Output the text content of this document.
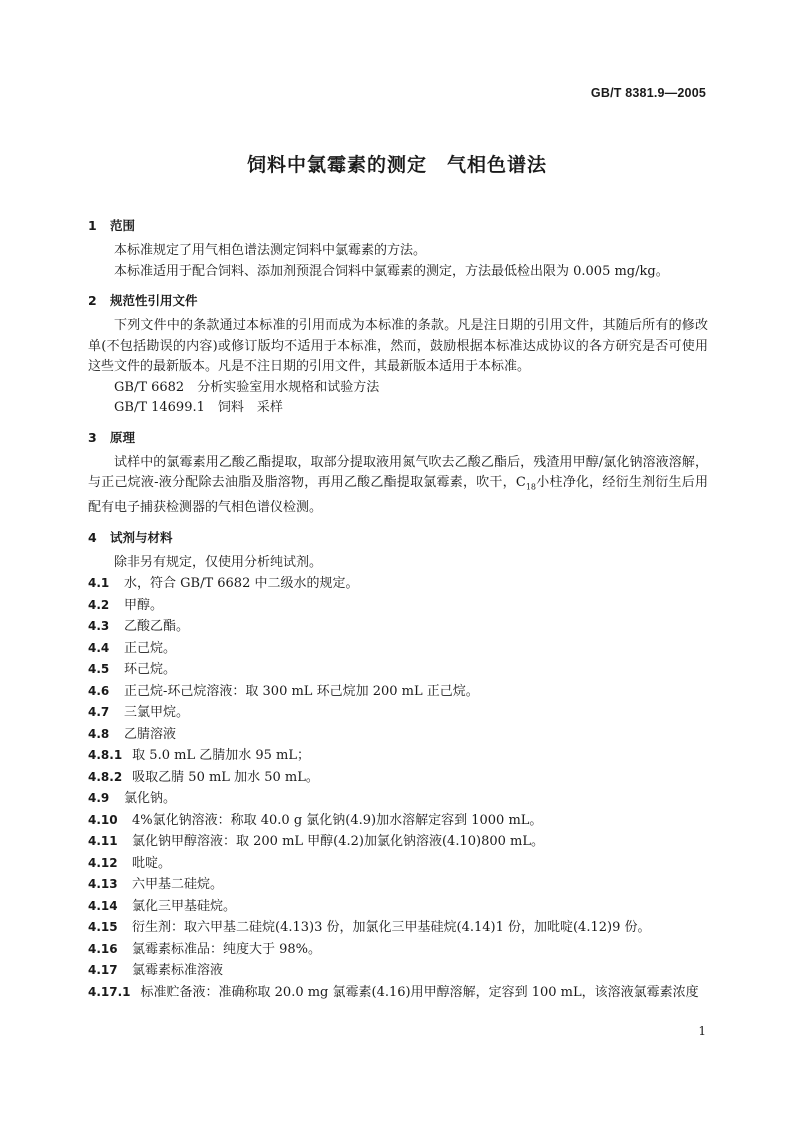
GB/T 8381.9—2005
饲料中氯霉素的测定　气相色谱法
1 范围
本标准规定了用气相色谱法测定饲料中氯霉素的方法。
本标准适用于配合饲料、添加剂预混合饲料中氯霉素的测定，方法最低检出限为 0.005 mg/kg。
2 规范性引用文件
下列文件中的条款通过本标准的引用而成为本标准的条款。凡是注日期的引用文件，其随后所有的修改单(不包括勘误的内容)或修订版均不适用于本标准，然而，鼓励根据本标准达成协议的各方研究是否可使用这些文件的最新版本。凡是不注日期的引用文件，其最新版本适用于本标准。
GB/T 6682　分析实验室用水规格和试验方法
GB/T 14699.1　饲料　采样
3 原理
试样中的氯霉素用乙酸乙酯提取，取部分提取液用氮气吹去乙酸乙酯后，残渣用甲醇/氯化钠溶液溶解，与正己烷液-液分配除去油脂及脂溶物，再用乙酸乙酯提取氯霉素，吹干，$C_{18}$小柱净化，经衍生剂衍生后用配有电子捕获检测器的气相色谱仪检测。
4 试剂与材料
除非另有规定，仅使用分析纯试剂。
4.1 水，符合 GB/T 6682 中二级水的规定。
4.2 甲醇。
4.3 乙酸乙酯。
4.4 正己烷。
4.5 环己烷。
4.6 正己烷-环己烷溶液：取 300 mL 环己烷加 200 mL 正己烷。
4.7 三氯甲烷。
4.8 乙腈溶液
4.8.1 取 5.0 mL 乙腈加水 95 mL；
4.8.2 吸取乙腈 50 mL 加水 50 mL。
4.9 氯化钠。
4.10 4%氯化钠溶液：称取 40.0 g 氯化钠(4.9)加水溶解定容到 1000 mL。
4.11 氯化钠甲醇溶液：取 200 mL 甲醇(4.2)加氯化钠溶液(4.10)800 mL。
4.12 吡啶。
4.13 六甲基二硅烷。
4.14 氯化三甲基硅烷。
4.15 衍生剂：取六甲基二硅烷(4.13)3 份，加氯化三甲基硅烷(4.14)1 份，加吡啶(4.12)9 份。
4.16 氯霉素标准品：纯度大于 98%。
4.17 氯霉素标准溶液
4.17.1 标准贮备液：准确称取 20.0 mg 氯霉素(4.16)用甲醇溶解，定容到 100 mL，该溶液氯霉素浓度
1
